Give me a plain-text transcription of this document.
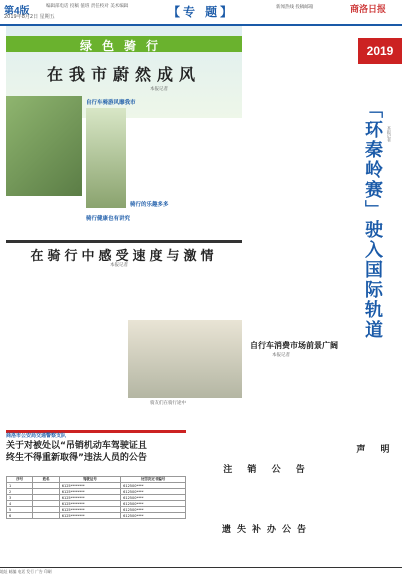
第4版
2019年8月2日 星期五
编辑部电话 投稿 值班 责任校对 美术编辑	【专 题】	新闻热线 投稿邮箱	商洛日报
绿色骑行
在我市蔚然成风
本报记者

自行车骑游风靡我市
骑行的乐趣多多
骑行健康也有讲究
在骑行中感受速度与激情
本报记者
骑友们在骑行途中
2019
「环秦岭赛」驶入国际轨道 本报记者
自行车消费市场前景广阔
本报记者
声 明
商洛市公安局交通警察支队
关于对被处以“吊销机动车驾驶证且
终生不得重新取得”违法人员的公告
序号	姓名	驾驶证号	处罚决定书编号
1		6125********	612500****
2		6125********	612500****
3		6125********	612500****
4		6125********	612500****
5		6125********	612500****
6		6125********	612500****
注 销 公 告
遗失补办公告
地址 邮编 电话 发行 广告 印刷
